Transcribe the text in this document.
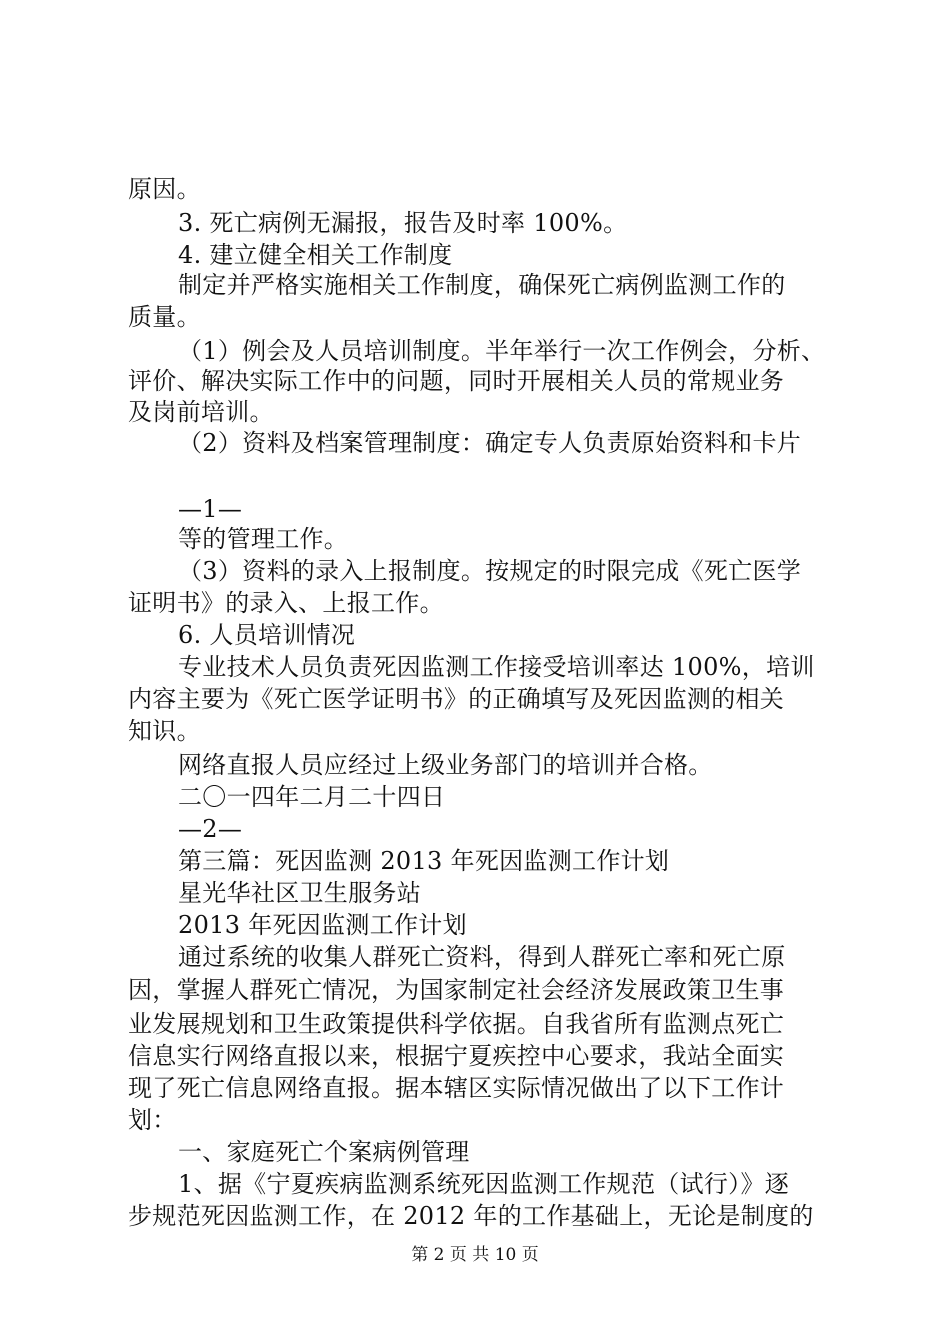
原因。
3. 死亡病例无漏报，报告及时率 100%。
4. 建立健全相关工作制度
制定并严格实施相关工作制度，确保死亡病例监测工作的
质量。
（1）例会及人员培训制度。半年举行一次工作例会，分析、
评价、解决实际工作中的问题，同时开展相关人员的常规业务
及岗前培训。
（2）资料及档案管理制度：确定专人负责原始资料和卡片
—1—
等的管理工作。
（3）资料的录入上报制度。按规定的时限完成《死亡医学
证明书》的录入、上报工作。
6. 人员培训情况
专业技术人员负责死因监测工作接受培训率达 100%，培训
内容主要为《死亡医学证明书》的正确填写及死因监测的相关
知识。
网络直报人员应经过上级业务部门的培训并合格。
二〇一四年二月二十四日
—2—
第三篇：死因监测 2013 年死因监测工作计划
星光华社区卫生服务站
2013 年死因监测工作计划
通过系统的收集人群死亡资料，得到人群死亡率和死亡原
因，掌握人群死亡情况，为国家制定社会经济发展政策卫生事
业发展规划和卫生政策提供科学依据。自我省所有监测点死亡
信息实行网络直报以来，根据宁夏疾控中心要求，我站全面实
现了死亡信息网络直报。据本辖区实际情况做出了以下工作计
划：
一、家庭死亡个案病例管理
1、据《宁夏疾病监测系统死因监测工作规范（试行）》逐
步规范死因监测工作，在 2012 年的工作基础上，无论是制度的
第 2 页 共 10 页
